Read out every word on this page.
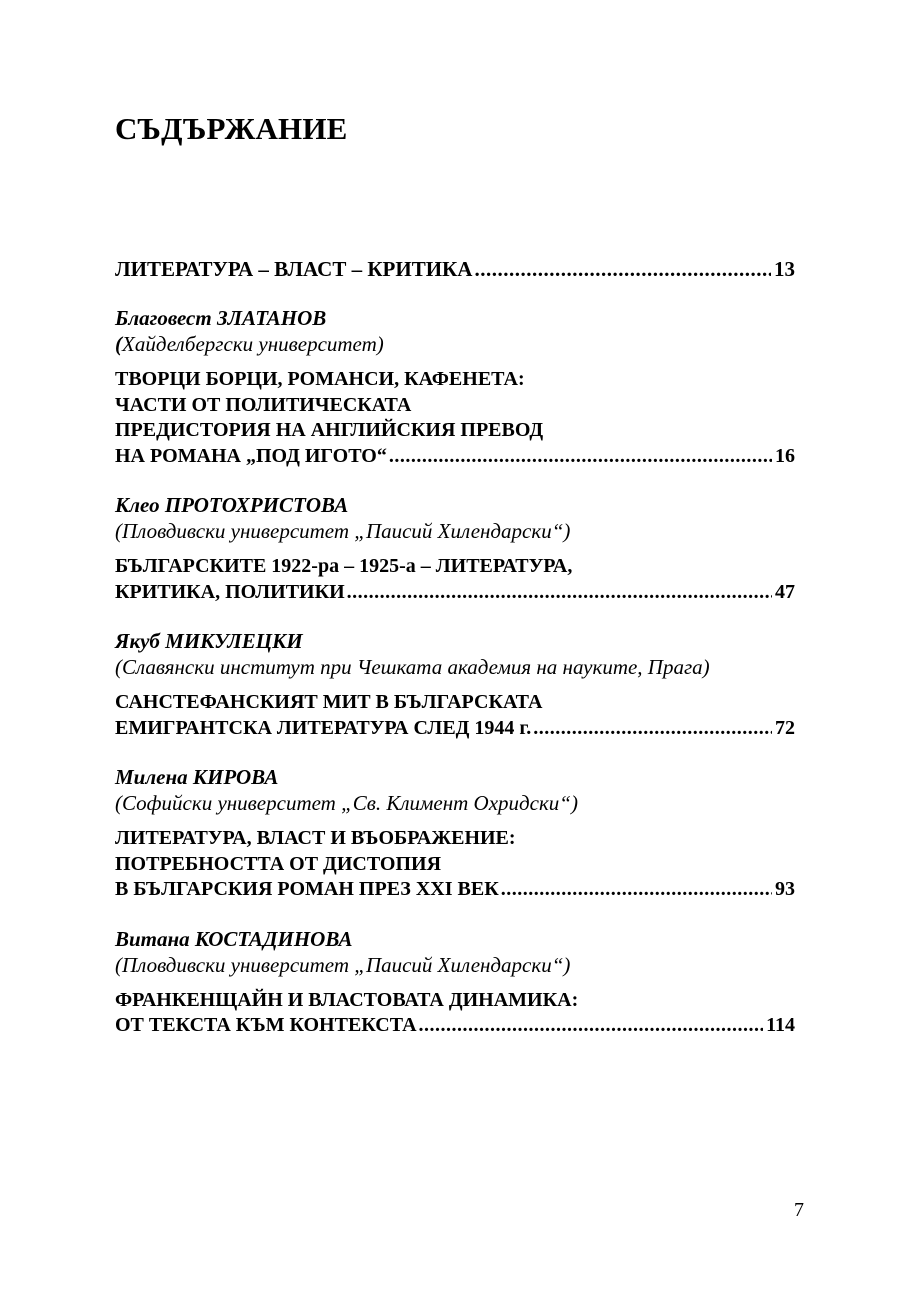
СЪДЪРЖАНИЕ
ЛИТЕРАТУРА – ВЛАСТ – КРИТИКА .....	13

Благовест ЗЛАТАНОВ

(Хайделбергски университет)

ТВОРЦИ БОРЦИ, РОМАНСИ, КАФЕНЕТА:

ЧАСТИ ОТ ПОЛИТИЧЕСКАТА

ПРЕДИСТОРИЯ НА АНГЛИЙСКИЯ ПРЕВОД

НА РОМАНА „ПОД ИГОТО“ .....	16

Клео ПРОТОХРИСТОВА

(Пловдивски университет „Паисий Хилендарски“)

БЪЛГАРСКИТЕ 1922-ра – 1925-а – ЛИТЕРАТУРА,

КРИТИКА, ПОЛИТИКИ .....	47

Якуб МИКУЛЕЦКИ

(Славянски институт при Чешката академия на науките, Прага)

САНСТЕФАНСКИЯТ МИТ В БЪЛГАРСКАТА

ЕМИГРАНТСКА ЛИТЕРАТУРА СЛЕД 1944 г. .....	72

Милена КИРОВА

(Софийски университет „Св. Климент Охридски“)

ЛИТЕРАТУРА, ВЛАСТ И ВЪОБРАЖЕНИЕ:

ПОТРЕБНОСТТА ОТ ДИСТОПИЯ

В БЪЛГАРСКИЯ РОМАН ПРЕЗ XXI ВЕК .....	93

Витана КОСТАДИНОВА

(Пловдивски университет „Паисий Хилендарски“)

ФРАНКЕНЩАЙН И ВЛАСТОВАТА ДИНАМИКА:

ОТ ТЕКСТА КЪМ КОНТЕКСТА .....	114
7
